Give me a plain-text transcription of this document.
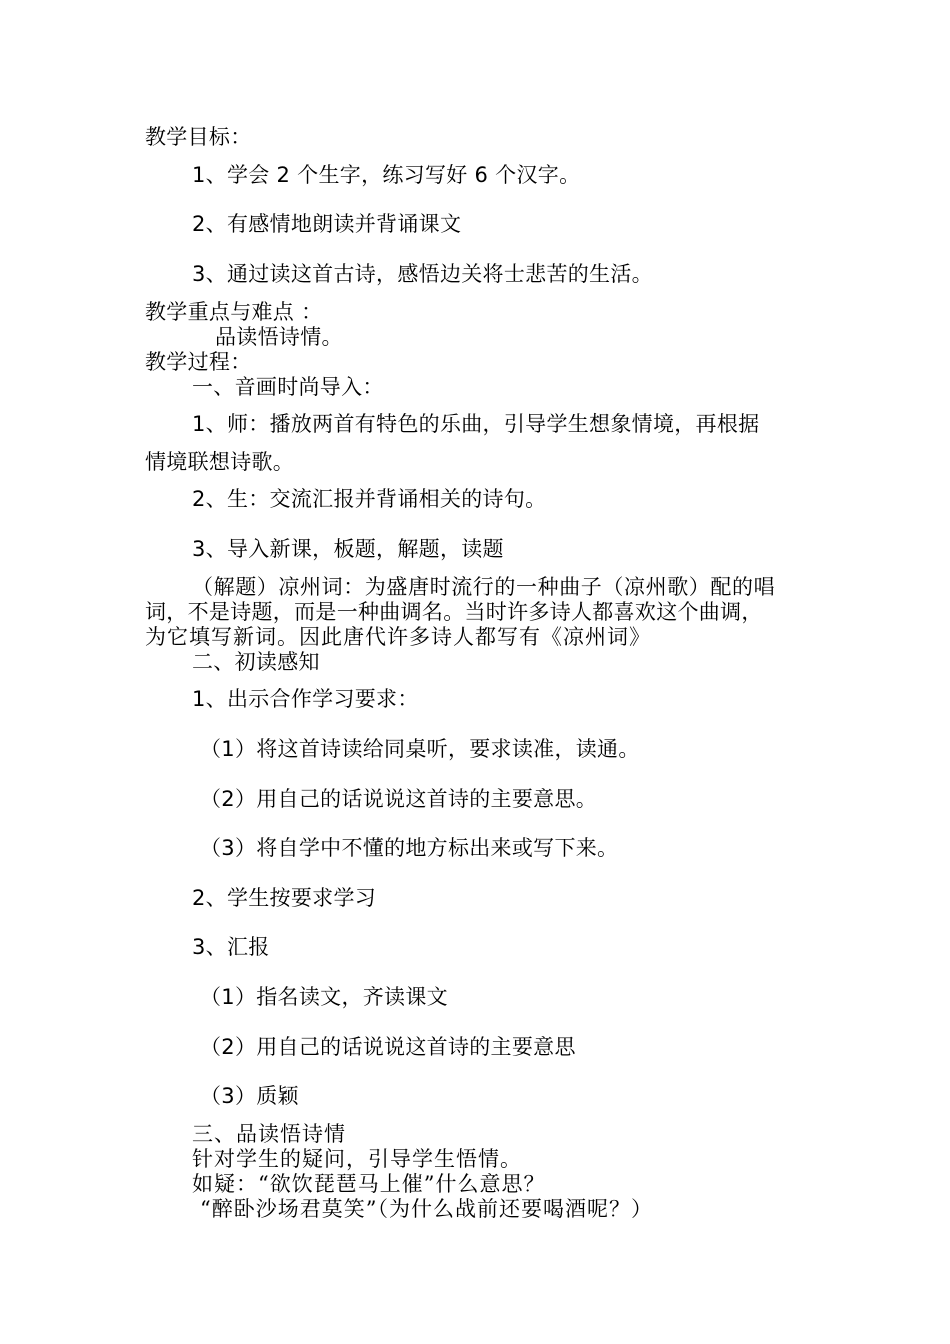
教学目标：
1、学会 2 个生字，练习写好 6 个汉字。
2、有感情地朗读并背诵课文
3、通过读这首古诗，感悟边关将士悲苦的生活。
教学重点与难点 ：
品读悟诗情。
教学过程：
一、音画时尚导入：
1、师：播放两首有特色的乐曲，引导学生想象情境，再根据
情境联想诗歌。
2、生：交流汇报并背诵相关的诗句。
3、导入新课，板题，解题，读题
（解题）凉州词：为盛唐时流行的一种曲子（凉州歌）配的唱
词，不是诗题，而是一种曲调名。当时许多诗人都喜欢这个曲调，
为它填写新词。因此唐代许多诗人都写有《凉州词》
二、初读感知
1、出示合作学习要求：
（1）将这首诗读给同桌听，要求读准，读通。
（2）用自己的话说说这首诗的主要意思。
（3）将自学中不懂的地方标出来或写下来。
2、学生按要求学习
3、汇报
（1）指名读文，齐读课文
（2）用自己的话说说这首诗的主要意思
（3）质颖
三、品读悟诗情
针对学生的疑问，引导学生悟情。
如疑：“欲饮琵琶马上催”什么意思？
“醉卧沙场君莫笑”（为什么战前还要喝酒呢？）
